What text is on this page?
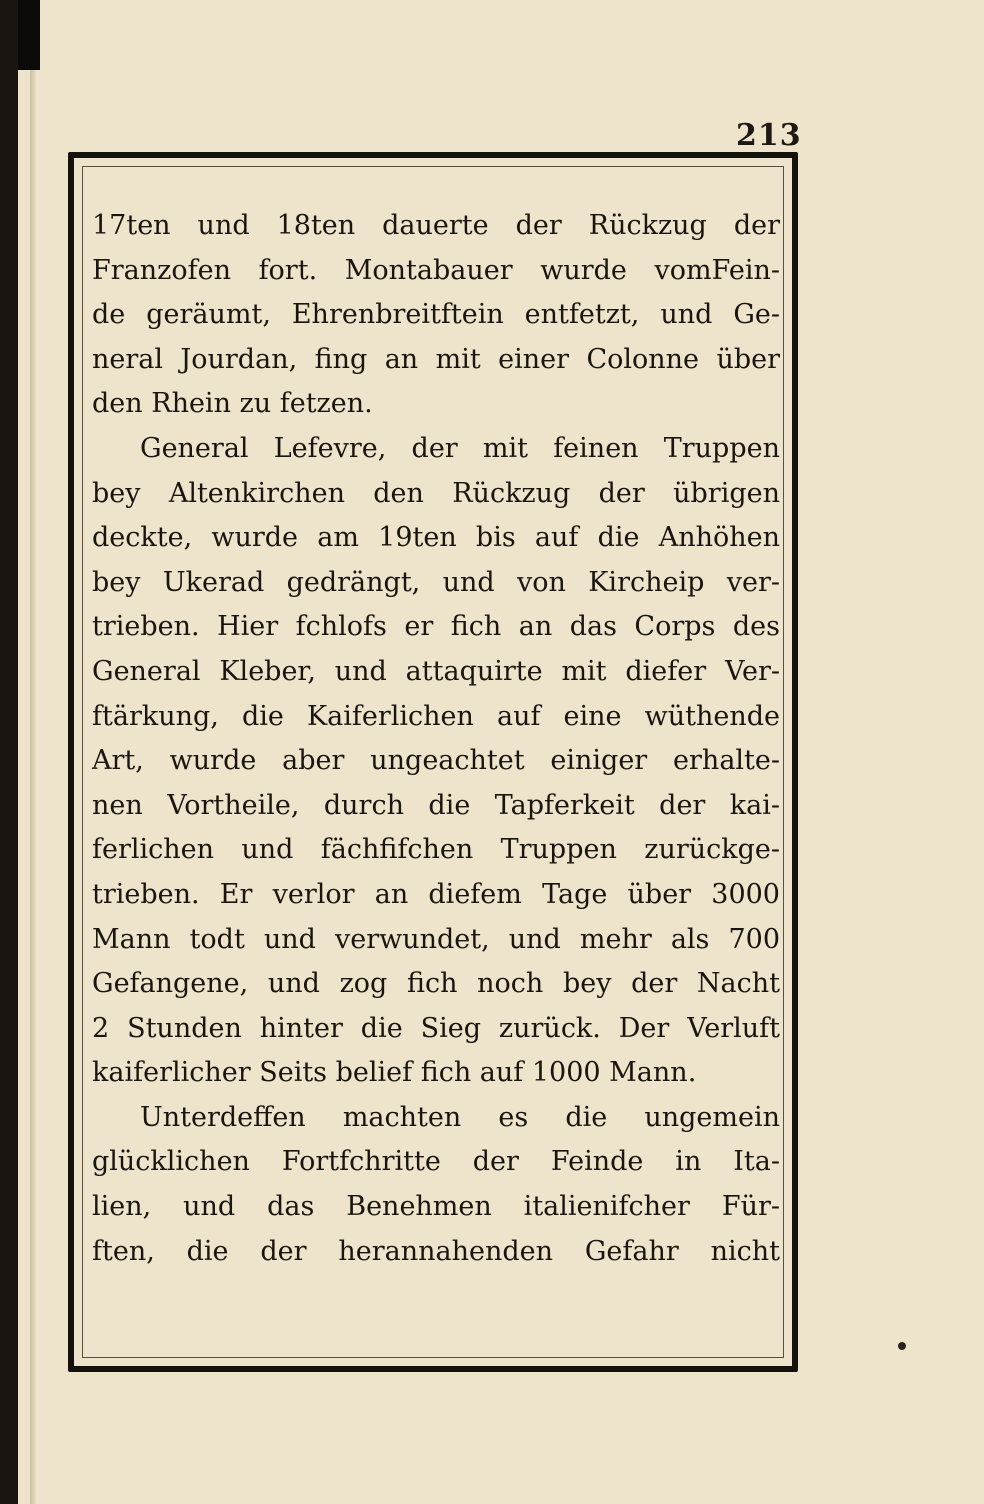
213
17ten und 18ten dauerte der Rückzug der
Franzofen fort. Montabauer wurde vomFein-
de geräumt, Ehrenbreitftein entfetzt, und Ge-
neral Jourdan, fing an mit einer Colonne über
den Rhein zu fetzen.
General Lefevre, der mit feinen Truppen
bey Altenkirchen den Rückzug der übrigen
deckte, wurde am 19ten bis auf die Anhöhen
bey Ukerad gedrängt, und von Kircheip ver-
trieben. Hier fchlofs er fich an das Corps des
General Kleber, und attaquirte mit diefer Ver-
ftärkung, die Kaiferlichen auf eine wüthende
Art, wurde aber ungeachtet einiger erhalte-
nen Vortheile, durch die Tapferkeit der kai-
ferlichen und fächfifchen Truppen zurückge-
trieben. Er verlor an diefem Tage über 3000
Mann todt und verwundet, und mehr als 700
Gefangene, und zog fich noch bey der Nacht
2 Stunden hinter die Sieg zurück. Der Verluft
kaiferlicher Seits belief fich auf 1000 Mann.
Unterdeffen machten es die ungemein
glücklichen Fortfchritte der Feinde in Ita-
lien, und das Benehmen italienifcher Für-
ften, die der herannahenden Gefahr nicht
